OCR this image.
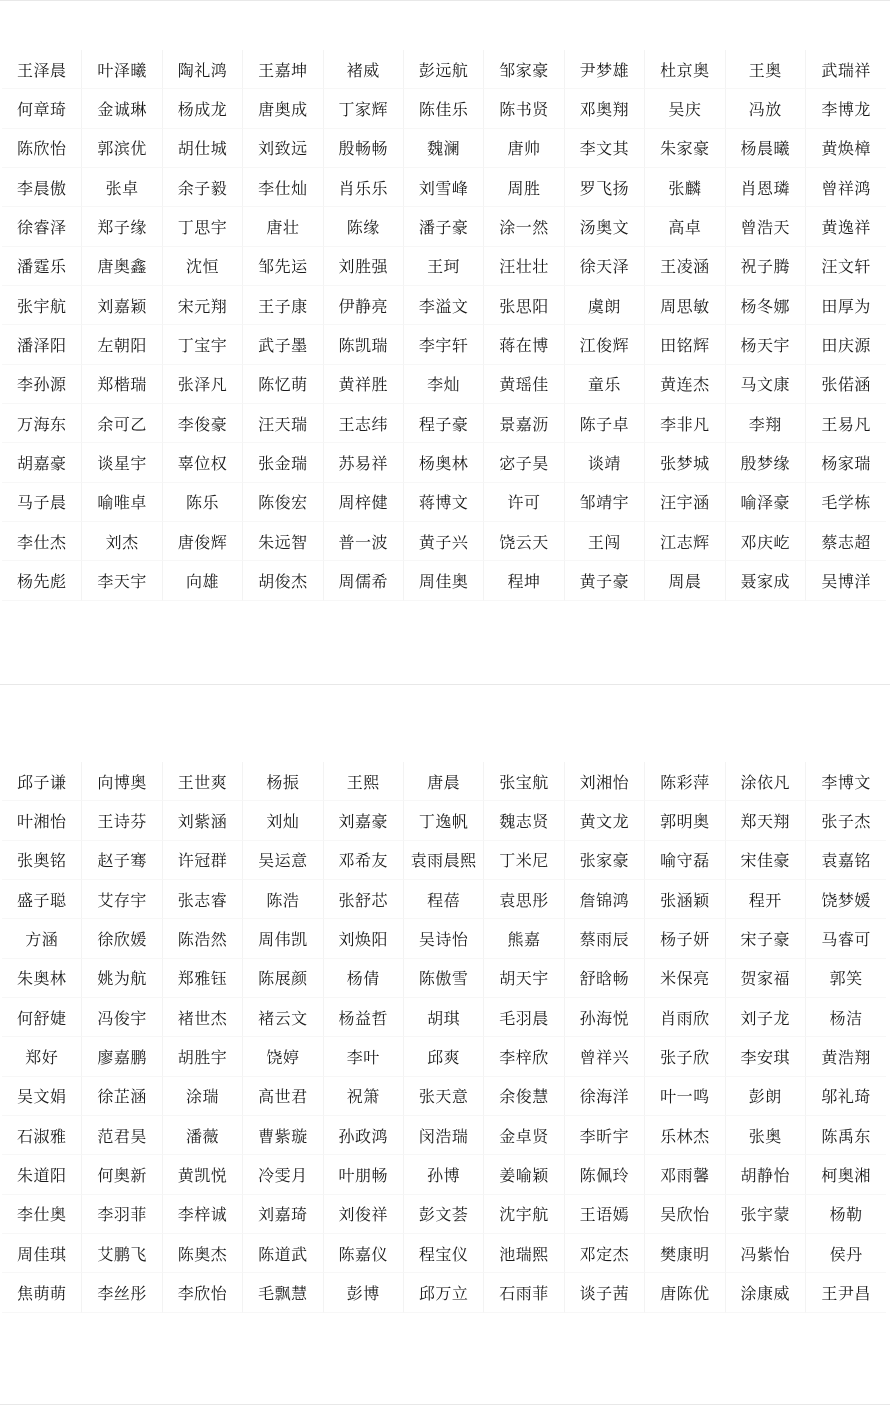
王泽晨	叶泽曦	陶礼鸿	王嘉坤	褚威	彭远航	邹家豪	尹梦雄	杜京奥	王奥	武瑞祥
何章琦	金诚琳	杨成龙	唐奥成	丁家辉	陈佳乐	陈书贤	邓奥翔	吴庆	冯放	李博龙
陈欣怡	郭滨优	胡仕城	刘致远	殷畅畅	魏澜	唐帅	李文其	朱家豪	杨晨曦	黄焕樟
李晨傲	张卓	余子毅	李仕灿	肖乐乐	刘雪峰	周胜	罗飞扬	张麟	肖恩璘	曾祥鸿
徐睿泽	郑子缘	丁思宇	唐壮	陈缘	潘子豪	涂一然	汤奥文	高卓	曾浩天	黄逸祥
潘霆乐	唐奥鑫	沈恒	邹先运	刘胜强	王珂	汪壮壮	徐天泽	王凌涵	祝子腾	汪文轩
张宇航	刘嘉颖	宋元翔	王子康	伊静亮	李溢文	张思阳	虞朗	周思敏	杨冬娜	田厚为
潘泽阳	左朝阳	丁宝宇	武子墨	陈凯瑞	李宇轩	蒋在博	江俊辉	田铭辉	杨天宇	田庆源
李孙源	郑楷瑞	张泽凡	陈忆萌	黄祥胜	李灿	黄瑶佳	童乐	黄连杰	马文康	张偌涵
万海东	余可乙	李俊豪	汪天瑞	王志纬	程子豪	景嘉沥	陈子卓	李非凡	李翔	王易凡
胡嘉豪	谈星宇	辜位权	张金瑞	苏易祥	杨奥林	宓子昊	谈靖	张梦城	殷梦缘	杨家瑞
马子晨	喻唯卓	陈乐	陈俊宏	周梓健	蒋博文	许可	邹靖宇	汪宇涵	喻泽豪	毛学栋
李仕杰	刘杰	唐俊辉	朱远智	普一波	黄子兴	饶云天	王闯	江志辉	邓庆屹	蔡志超
杨先彪	李天宇	向雄	胡俊杰	周儒希	周佳奥	程坤	黄子豪	周晨	聂家成	吴博洋
邱子谦	向博奥	王世爽	杨振	王熙	唐晨	张宝航	刘湘怡	陈彩萍	涂依凡	李博文
叶湘怡	王诗芬	刘紫涵	刘灿	刘嘉豪	丁逸帆	魏志贤	黄文龙	郭明奥	郑天翔	张子杰
张奥铭	赵子骞	许冠群	吴运意	邓希友	袁雨晨熙	丁米尼	张家豪	喻守磊	宋佳豪	袁嘉铭
盛子聪	艾存宇	张志睿	陈浩	张舒芯	程蓓	袁思彤	詹锦鸿	张涵颖	程开	饶梦媛
方涵	徐欣媛	陈浩然	周伟凯	刘焕阳	吴诗怡	熊嘉	蔡雨辰	杨子妍	宋子豪	马睿可
朱奥林	姚为航	郑雅钰	陈展颜	杨倩	陈傲雪	胡天宇	舒晗畅	米保亮	贺家福	郭笑
何舒婕	冯俊宇	褚世杰	褚云文	杨益哲	胡琪	毛羽晨	孙海悦	肖雨欣	刘子龙	杨洁
郑好	廖嘉鹏	胡胜宇	饶婷	李叶	邱爽	李梓欣	曾祥兴	张子欣	李安琪	黄浩翔
吴文娟	徐芷涵	涂瑞	高世君	祝箫	张天意	余俊慧	徐海洋	叶一鸣	彭朗	邬礼琦
石淑雅	范君昊	潘薇	曹紫璇	孙政鸿	闵浩瑞	金卓贤	李昕宇	乐林杰	张奥	陈禹东
朱道阳	何奥新	黄凯悦	冷雯月	叶朋畅	孙博	姜喻颖	陈佩玲	邓雨馨	胡静怡	柯奥湘
李仕奥	李羽菲	李梓诚	刘嘉琦	刘俊祥	彭文荟	沈宇航	王语嫣	吴欣怡	张宇蒙	杨勒
周佳琪	艾鹏飞	陈奥杰	陈道武	陈嘉仪	程宝仪	池瑞熙	邓定杰	樊康明	冯紫怡	侯丹
焦萌萌	李丝彤	李欣怡	毛飘慧	彭博	邱万立	石雨菲	谈子茜	唐陈优	涂康威	王尹昌
